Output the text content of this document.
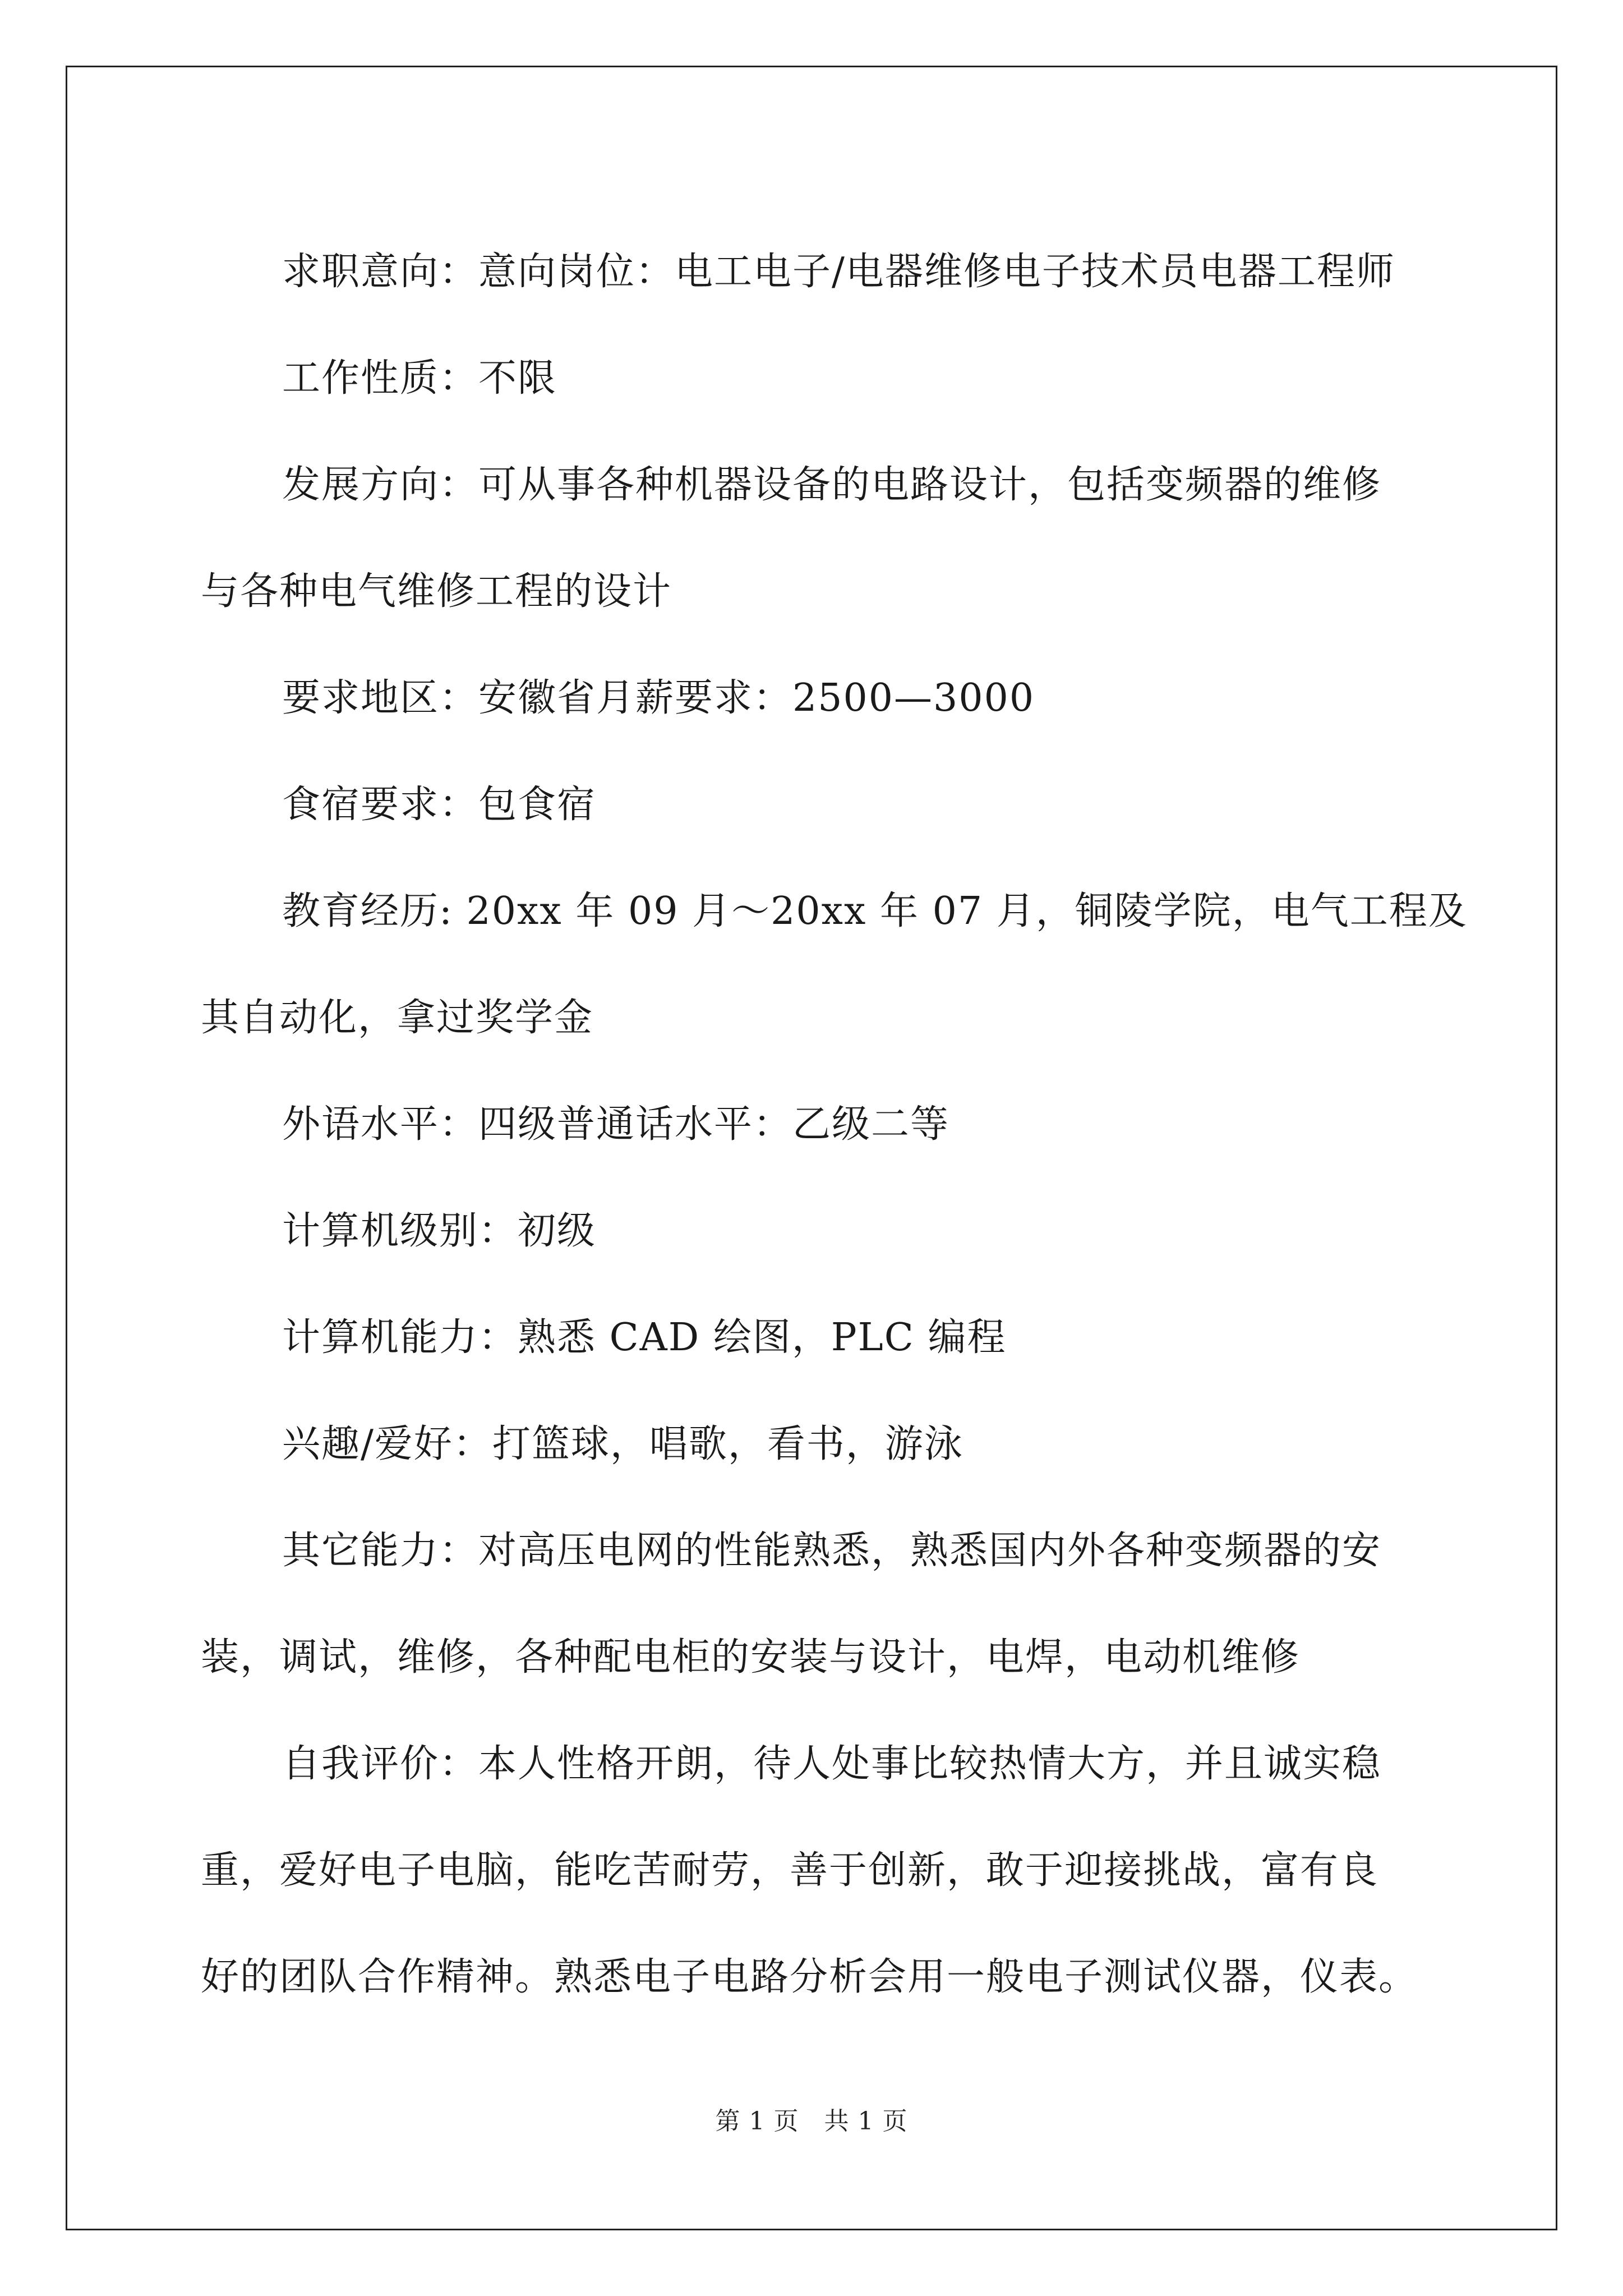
求职意向：意向岗位：电工电子/电器维修电子技术员电器工程师

工作性质：不限

发展方向：可从事各种机器设备的电路设计，包括变频器的维修

与各种电气维修工程的设计

要求地区：安徽省月薪要求：2500—3000

食宿要求：包食宿

教育经历: 20xx 年 09 月～20xx 年 07 月，铜陵学院，电气工程及

其自动化，拿过奖学金

外语水平：四级普通话水平：乙级二等

计算机级别：初级

计算机能力：熟悉 CAD 绘图，PLC 编程

兴趣/爱好：打篮球，唱歌，看书，游泳

其它能力：对高压电网的性能熟悉，熟悉国内外各种变频器的安

装，调试，维修，各种配电柜的安装与设计，电焊，电动机维修

自我评价：本人性格开朗，待人处事比较热情大方，并且诚实稳

重，爱好电子电脑，能吃苦耐劳，善于创新，敢于迎接挑战，富有良

好的团队合作精神。熟悉电子电路分析会用一般电子测试仪器，仪表。

第 1 页　共 1 页
